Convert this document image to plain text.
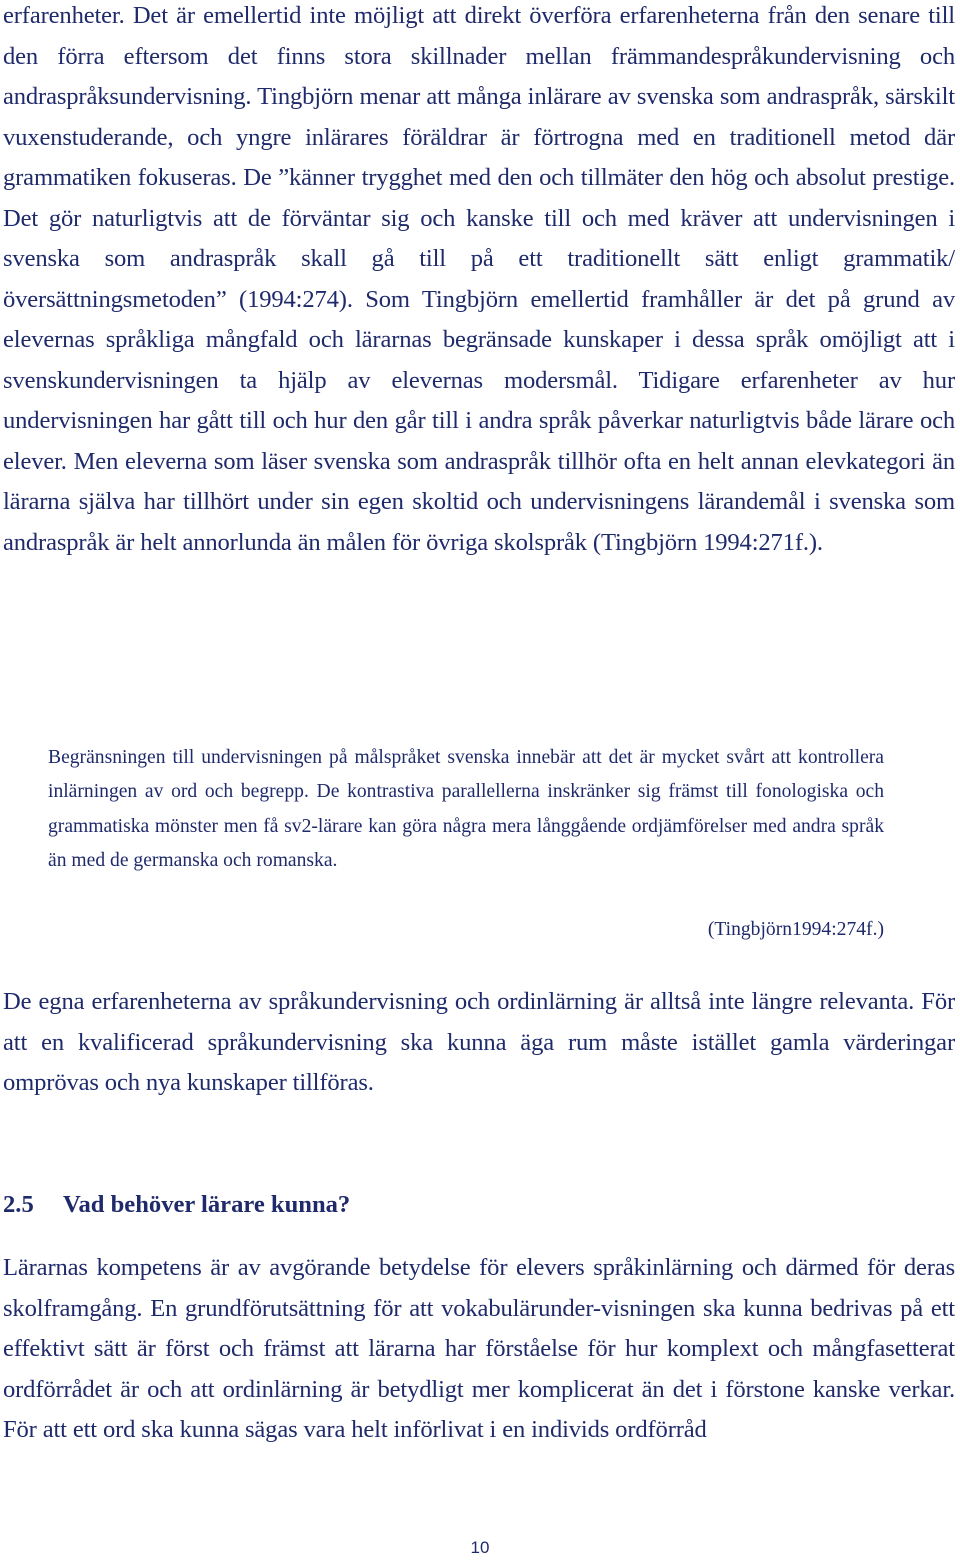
erfarenheter. Det är emellertid inte möjligt att direkt överföra erfarenheterna från den senare till den förra eftersom det finns stora skillnader mellan främmandespråkundervisning och andraspråksundervisning. Tingbjörn menar att många inlärare av svenska som andraspråk, särskilt vuxenstuderande, och yngre inlärares föräldrar är förtrogna med en traditionell metod där grammatiken fokuseras. De ”känner trygghet med den och tillmäter den hög och absolut prestige. Det gör naturligtvis att de förväntar sig och kanske till och med kräver att undervisningen i svenska som andraspråk skall gå till på ett traditionellt sätt enligt grammatik/översättningsmetoden” (1994:274). Som Tingbjörn emellertid framhåller är det på grund av elevernas språkliga mångfald och lärarnas begränsade kunskaper i dessa språk omöjligt att i svenskundervisningen ta hjälp av elevernas modersmål. Tidigare erfarenheter av hur undervisningen har gått till och hur den går till i andra språk påverkar naturligtvis både lärare och elever. Men eleverna som läser svenska som andraspråk tillhör ofta en helt annan elevkategori än lärarna själva har tillhört under sin egen skoltid och undervisningens lärandemål i svenska som andraspråk är helt annorlunda än målen för övriga skolspråk (Tingbjörn 1994:271f.).

Begränsningen till undervisningen på målspråket svenska innebär att det är mycket svårt att kontrollera inlärningen av ord och begrepp. De kontrastiva parallellerna inskränker sig främst till fonologiska och grammatiska mönster men få sv2-lärare kan göra några mera långgående ordjämförelser med andra språk än med de germanska och romanska.

(Tingbjörn1994:274f.)

De egna erfarenheterna av språkundervisning och ordinlärning är alltså inte längre relevanta. För att en kvalificerad språkundervisning ska kunna äga rum måste istället gamla värderingar omprövas och nya kunskaper tillföras.

2.5 Vad behöver lärare kunna?

Lärarnas kompetens är av avgörande betydelse för elevers språkinlärning och därmed för deras skolframgång. En grundförutsättning för att vokabulärunder-visningen ska kunna bedrivas på ett effektivt sätt är först och främst att lärarna har förståelse för hur komplext och mångfasetterat ordförrådet är och att ordinlärning är betydligt mer komplicerat än det i förstone kanske verkar. För att ett ord ska kunna sägas vara helt införlivat i en individs ordförråd

10
